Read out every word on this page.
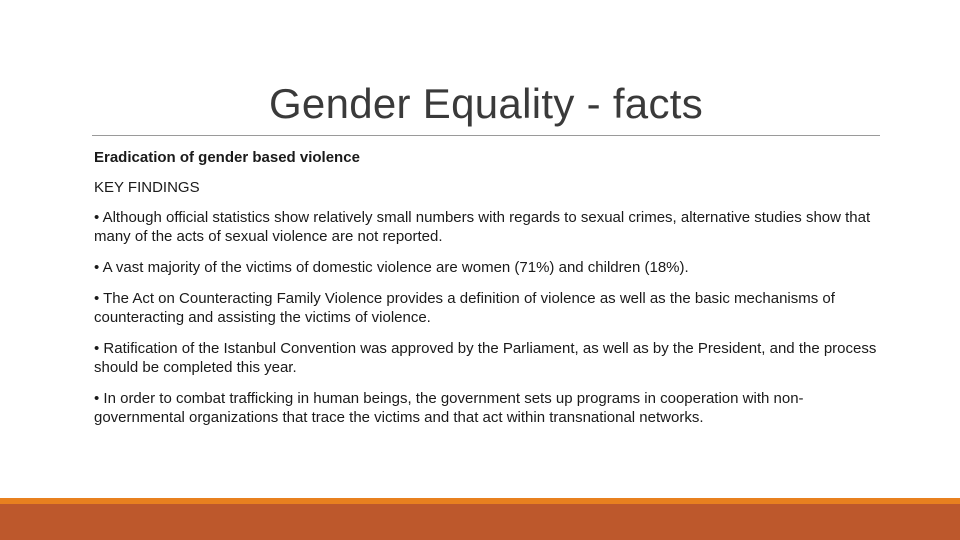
Gender Equality - facts

Eradication of gender based violence

KEY FINDINGS

• Although official statistics show relatively small numbers with regards to sexual crimes, alternative studies show that many of the acts of sexual violence are not reported.

• A vast majority of the victims of domestic violence are women (71%) and children (18%).

• The Act on Counteracting Family Violence provides a definition of violence as well as the basic mechanisms of counteracting and assisting the victims of violence.

• Ratification of the Istanbul Convention was approved by the Parliament, as well as by the President, and the process should be completed this year.

• In order to combat trafficking in human beings, the government sets up programs in cooperation with non-governmental organizations that trace the victims and that act within transnational networks.
